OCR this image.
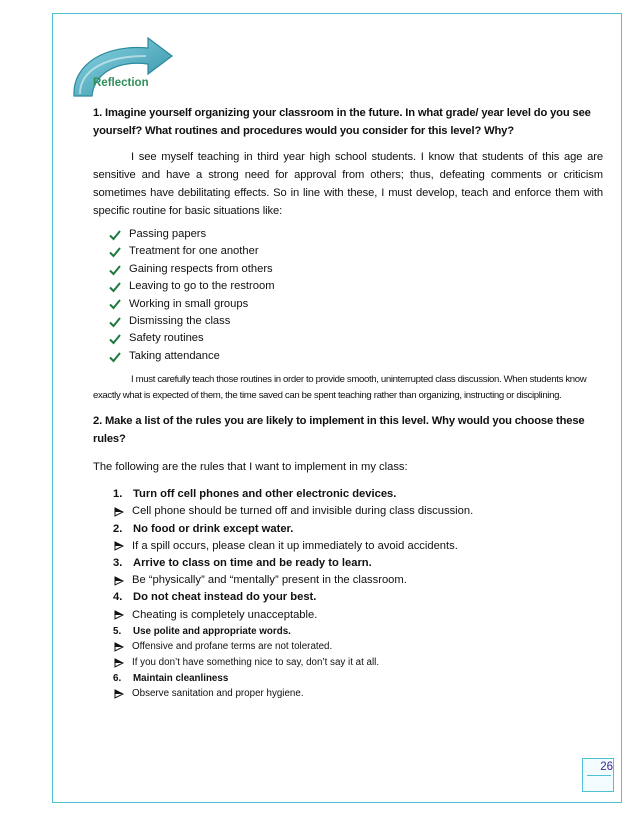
Reflection

1. Imagine yourself organizing your classroom in the future. In what grade/ year level do you see
yourself? What routines and procedures would you consider for this level? Why?

I see myself teaching in third year high school students. I know that students of this age are sensitive and have a strong need for approval from others; thus, defeating comments or criticism sometimes have debilitating effects. So in line with these, I must develop, teach and enforce them with specific routine for basic situations like:

Passing papers
Treatment for one another
Gaining respects from others
Leaving to go to the restroom
Working in small groups
Dismissing the class
Safety routines
Taking attendance

I must carefully teach those routines in order to provide smooth, uninterrupted class discussion. When students know exactly what is expected of them, the time saved can be spent teaching rather than organizing, instructing or disciplining.

2. Make a list of the rules you are likely to implement in this level. Why would you choose these
rules?

The following are the rules that I want to implement in my class:

1. Turn off cell phones and other electronic devices.
Cell phone should be turned off and invisible during class discussion.
2. No food or drink except water.
If a spill occurs, please clean it up immediately to avoid accidents.
3. Arrive to class on time and be ready to learn.
Be “physically” and “mentally” present in the classroom.
4. Do not cheat instead do your best.
Cheating is completely unacceptable.
5.	Use polite and appropriate words.
Offensive and profane terms are not tolerated.
If you don’t have something nice to say, don’t say it at all.
6.	Maintain cleanliness
Observe sanitation and proper hygiene.
26
